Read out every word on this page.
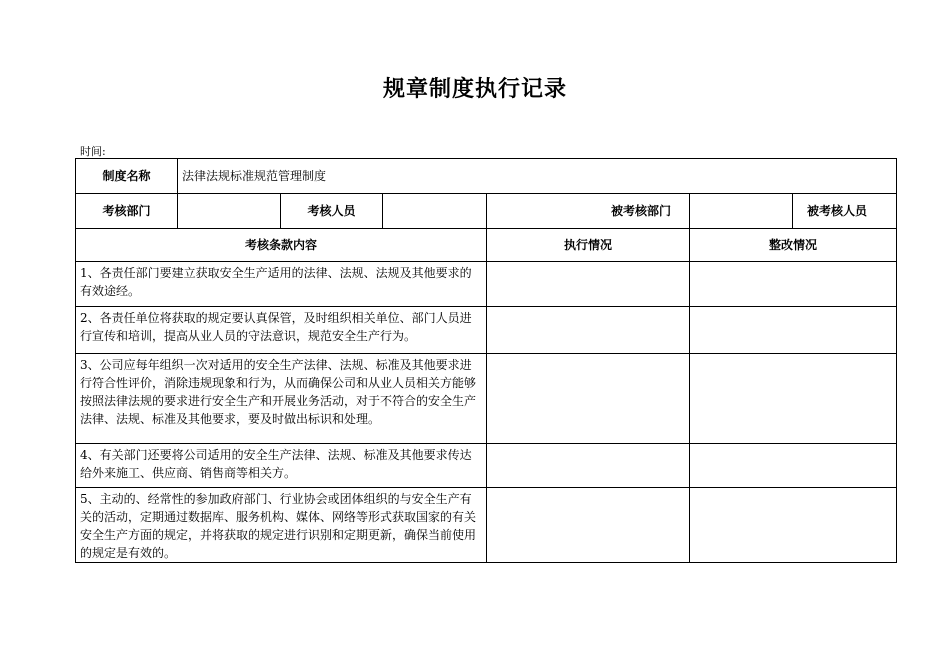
规章制度执行记录
时间:
制度名称	法律法规标准规范管理制度					
考核部门		考核人员		被考核部门		被考核人员
考核条款内容				执行情况	整改情况	
1、各责任部门要建立获取安全生产适用的法律、法规、法规及其他要求的有效途经。						
2、各责任单位将获取的规定要认真保管，及时组织相关单位、部门人员进行宣传和培训，提高从业人员的守法意识，规范安全生产行为。						
3、公司应每年组织一次对适用的安全生产法律、法规、标准及其他要求进行符合性评价，消除违规现象和行为，从而确保公司和从业人员相关方能够按照法律法规的要求进行安全生产和开展业务活动，对于不符合的安全生产法律、法规、标准及其他要求，要及时做出标识和处理。						
4、有关部门还要将公司适用的安全生产法律、法规、标准及其他要求传达给外来施工、供应商、销售商等相关方。						
5、主动的、经常性的参加政府部门、行业协会或团体组织的与安全生产有关的活动，定期通过数据库、服务机构、媒体、网络等形式获取国家的有关安全生产方面的规定，并将获取的规定进行识别和定期更新，确保当前使用的规定是有效的。						
